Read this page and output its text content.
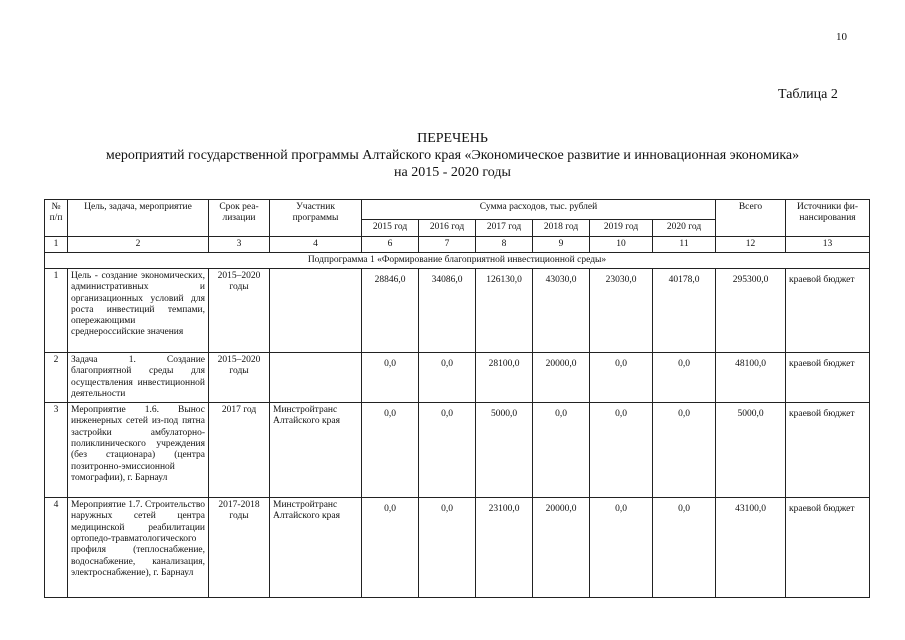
10
Таблица 2
ПЕРЕЧЕНЬ
мероприятий государственной программы Алтайского края «Экономическое развитие и инновационная экономика»
на 2015 - 2020 годы
№ п/п	Цель, задача, мероприятие	Срок реа-лизации	Участник программы	Сумма расходов, тыс. рублей						Всего	Источники фи-нансирования
				2015 год	2016 год	2017 год	2018 год	2019 год	2020 год		
1	2	3	4	6	7	8	9	10	11	12	13
Подпрограмма 1 «Формирование благоприятной инвестиционной среды»											
1	Цель - создание экономических, административных и организационных условий для роста инвестиций темпами, опережающими среднероссийские значения	2015–2020 годы		28846,0	34086,0	126130,0	43030,0	23030,0	40178,0	295300,0	краевой бюджет
2	Задача 1. Создание благоприятной среды для осуществления инвестиционной деятельности	2015–2020 годы		0,0	0,0	28100,0	20000,0	0,0	0,0	48100,0	краевой бюджет
3	Мероприятие 1.6. Вынос инженерных сетей из-под пятна застройки амбулаторно-поликлинического учреждения (без стационара) (центра позитронно-эмиссионной томографии), г. Барнаул	2017 год	Минстройтранс Алтайского края	0,0	0,0	5000,0	0,0	0,0	0,0	5000,0	краевой бюджет
4	Мероприятие 1.7. Строительство наружных сетей центра медицинской реабилитации ортопедо-травматологического профиля (теплоснабжение, водоснабжение, канализация, электроснабжение), г. Барнаул	2017-2018 годы	Минстройтранс Алтайского края	0,0	0,0	23100,0	20000,0	0,0	0,0	43100,0	краевой бюджет
